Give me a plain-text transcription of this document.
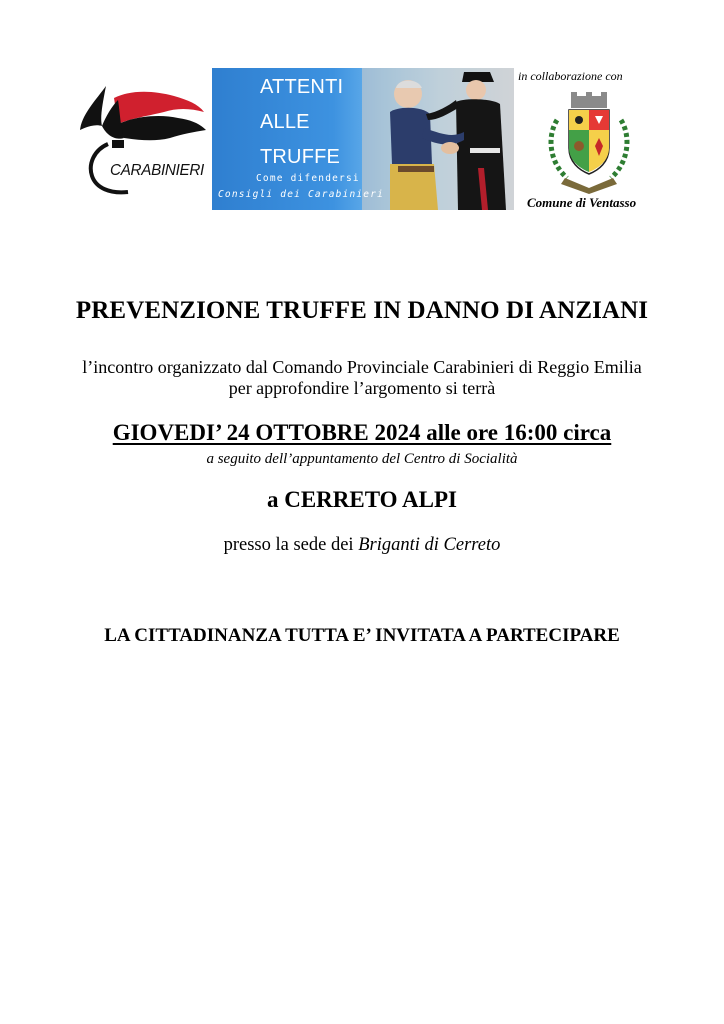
CARABINIERI
ATTENTI
ALLE
TRUFFE
Come difendersi
Consigli dei Carabinieri
in collaborazione con
Comune di Ventasso
PREVENZIONE TRUFFE IN DANNO DI ANZIANI
l’incontro organizzato dal Comando Provinciale Carabinieri di Reggio Emilia
per approfondire l’argomento si terrà
GIOVEDI’ 24 OTTOBRE 2024 alle ore 16:00 circa
a seguito dell’appuntamento del Centro di Socialità
a CERRETO ALPI
presso la sede dei Briganti di Cerreto
LA CITTADINANZA TUTTA E’ INVITATA A PARTECIPARE
